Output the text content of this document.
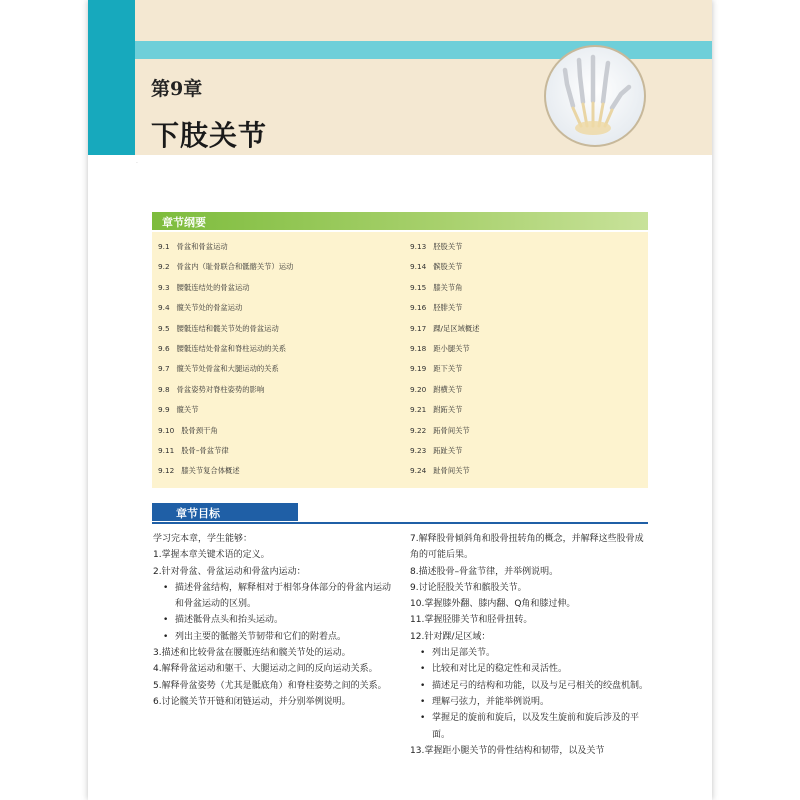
第9章
下肢关节
·
章节纲要
9.1 骨盆和骨盆运动
9.2 骨盆内（耻骨联合和骶髂关节）运动
9.3 腰骶连结处的骨盆运动
9.4 髋关节处的骨盆运动
9.5 腰骶连结和髋关节处的骨盆运动
9.6 腰骶连结处骨盆和脊柱运动的关系
9.7 髋关节处骨盆和大腿运动的关系
9.8 骨盆姿势对脊柱姿势的影响
9.9 髋关节
9.10 股骨颈干角
9.11 股骨–骨盆节律
9.12 膝关节复合体概述
9.13 胫股关节
9.14 髌股关节
9.15 膝关节角
9.16 胫腓关节
9.17 踝/足区域概述
9.18 距小腿关节
9.19 距下关节
9.20 跗横关节
9.21 跗跖关节
9.22 跖骨间关节
9.23 跖趾关节
9.24 趾骨间关节
章节目标

学习完本章，学生能够：

1.掌握本章关键术语的定义。

2.针对骨盆、骨盆运动和骨盆内运动：

• 描述骨盆结构，解释相对于相邻身体部分的骨盆内运动和骨盆运动的区别。
• 描述骶骨点头和抬头运动。
• 列出主要的骶髂关节韧带和它们的附着点。

3.描述和比较骨盆在腰骶连结和髋关节处的运动。

4.解释骨盆运动和躯干、大腿运动之间的反向运动关系。

5.解释骨盆姿势（尤其是骶底角）和脊柱姿势之间的关系。

6.讨论髋关节开链和闭链运动，并分别举例说明。

7.解释股骨倾斜角和股骨扭转角的概念，并解释这些股骨成角的可能后果。

8.描述股骨–骨盆节律，并举例说明。

9.讨论胫股关节和髌股关节。

10.掌握膝外翻、膝内翻、Q角和膝过伸。

11.掌握胫腓关节和胫骨扭转。

12.针对踝/足区域：

• 列出足部关节。
• 比较和对比足的稳定性和灵活性。
• 描述足弓的结构和功能，以及与足弓相关的绞盘机制。
• 理解弓弦力，并能举例说明。
• 掌握足的旋前和旋后，以及发生旋前和旋后涉及的平面。

13.掌握距小腿关节的骨性结构和韧带，以及关节
